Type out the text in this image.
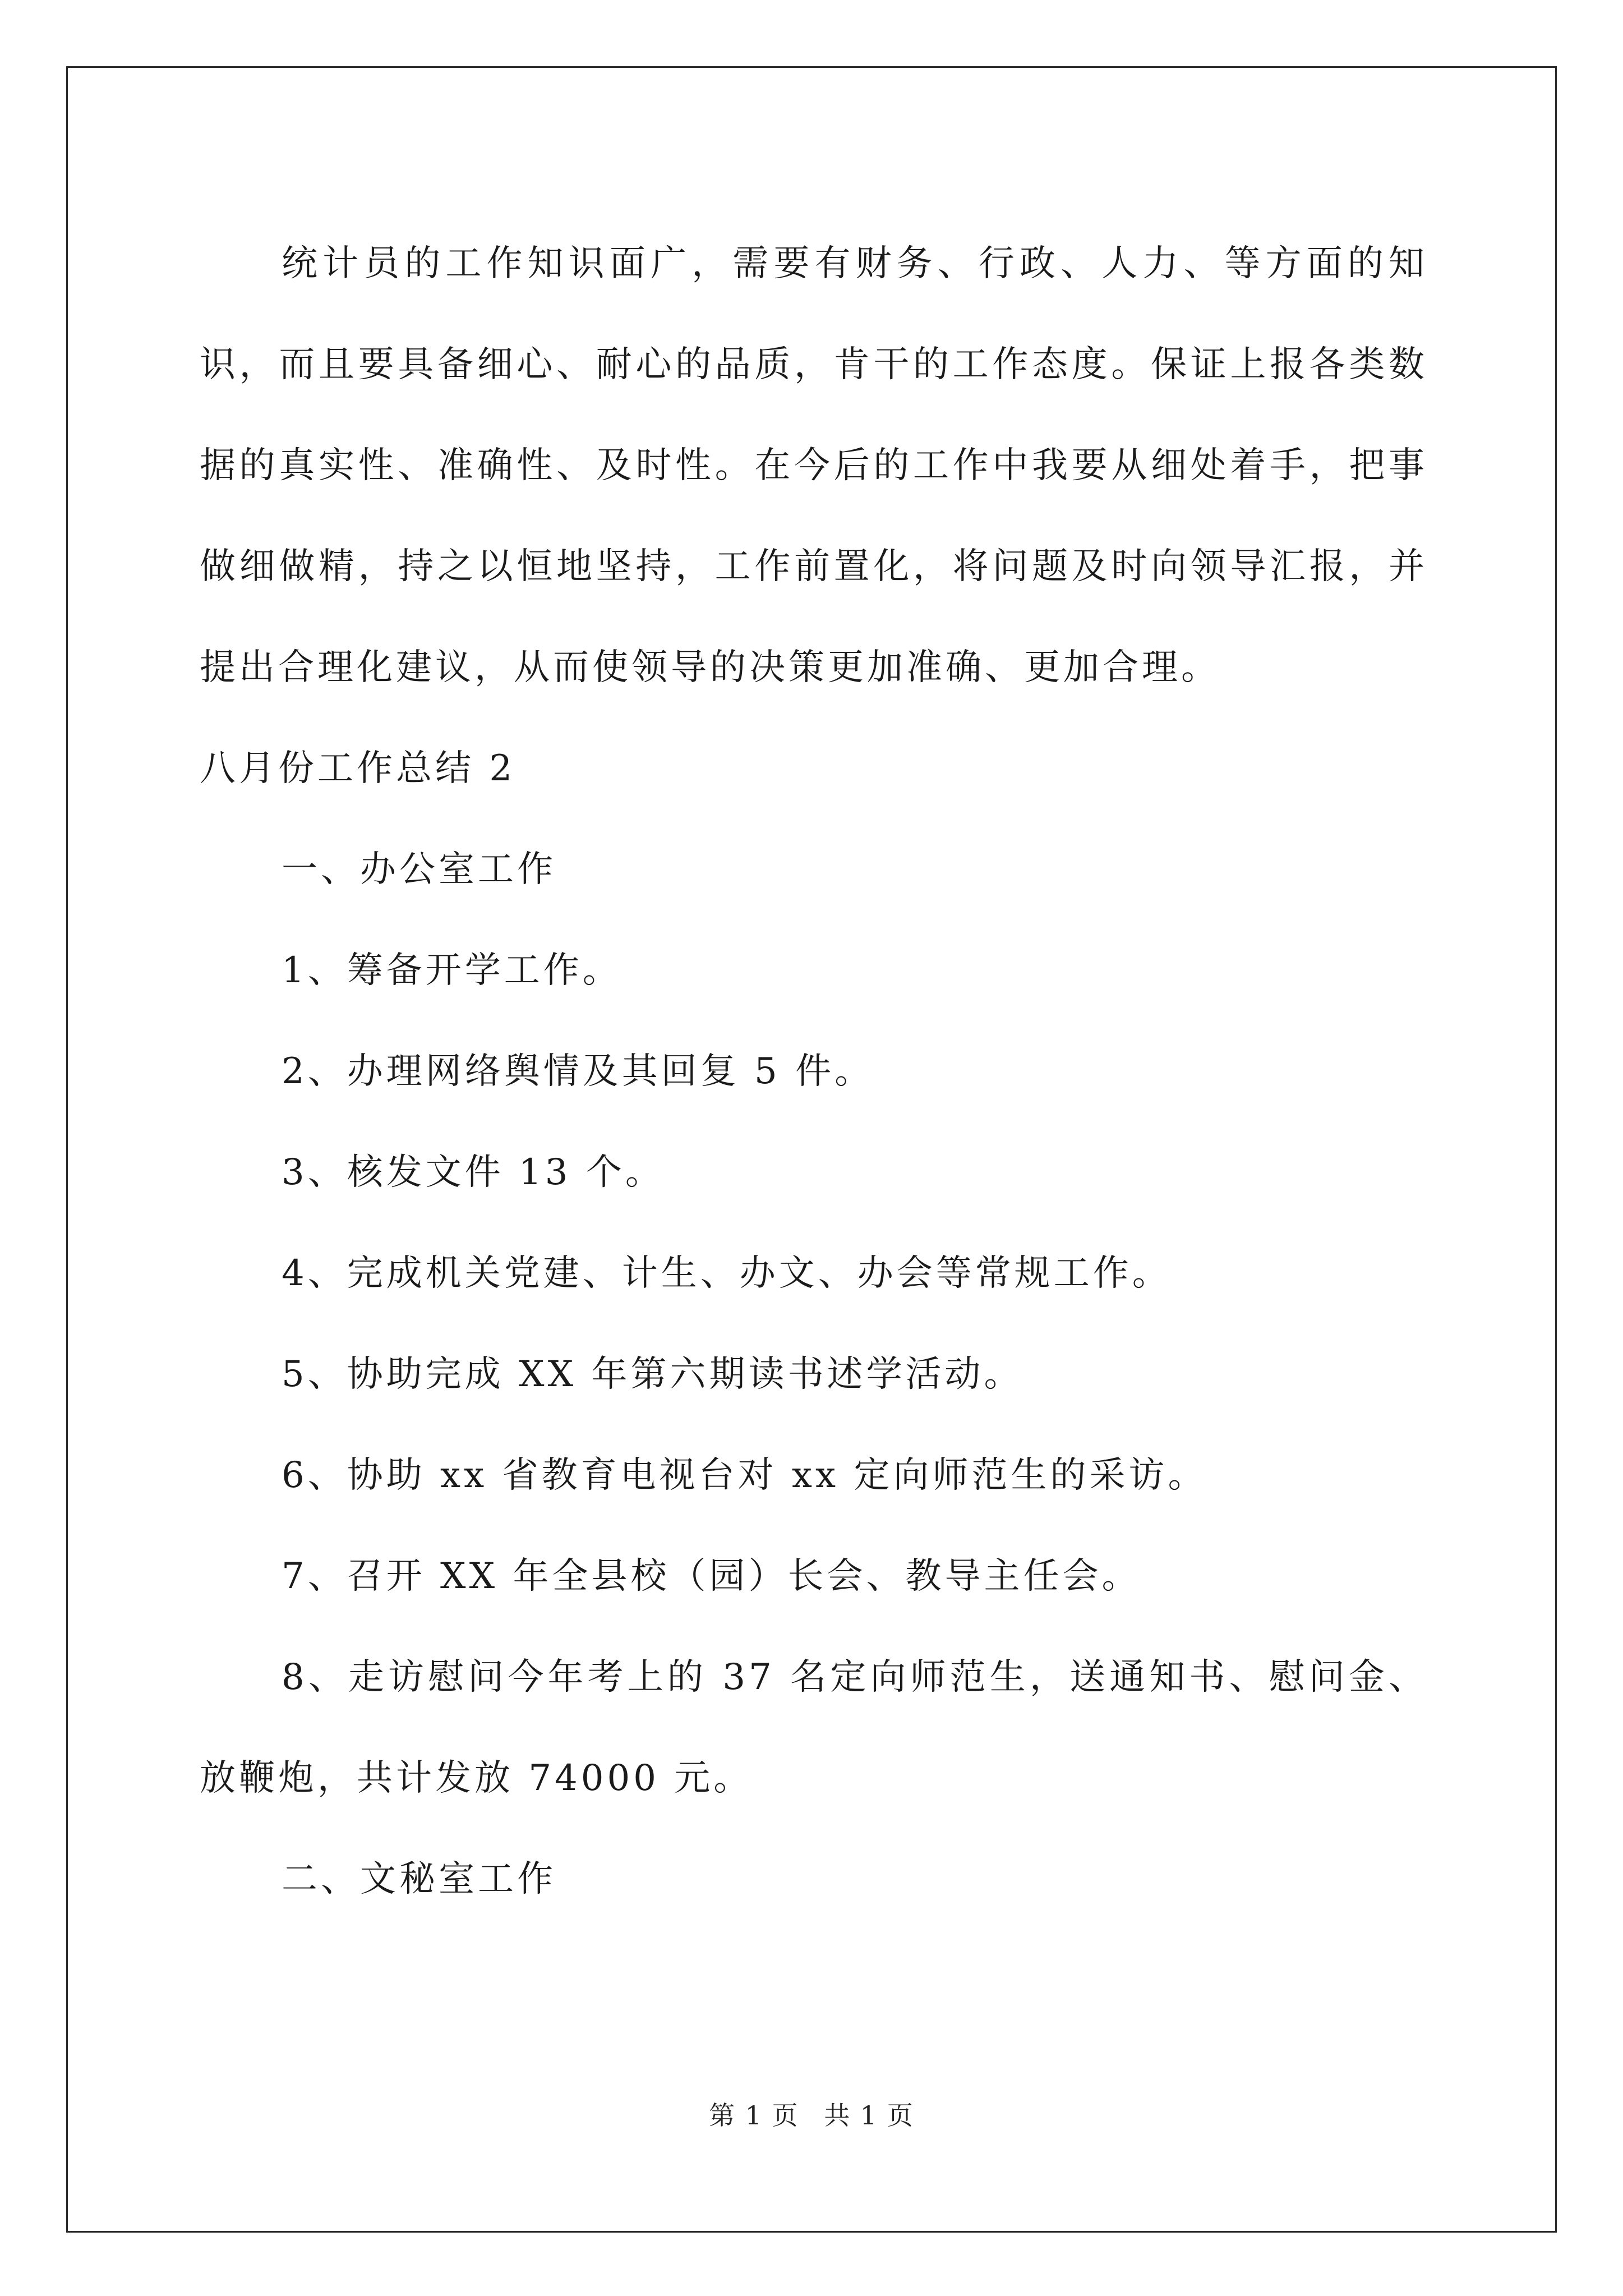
统计员的工作知识面广，需要有财务、行政、人力、等方面的知识，而且要具备细心、耐心的品质，肯干的工作态度。保证上报各类数据的真实性、准确性、及时性。在今后的工作中我要从细处着手，把事做细做精，持之以恒地坚持，工作前置化，将问题及时向领导汇报，并提出合理化建议，从而使领导的决策更加准确、更加合理。

八月份工作总结 2

一、办公室工作

1、筹备开学工作。

2、办理网络舆情及其回复 5 件。

3、核发文件 13 个。

4、完成机关党建、计生、办文、办会等常规工作。

5、协助完成 XX 年第六期读书述学活动。

6、协助 xx 省教育电视台对 xx 定向师范生的采访。

7、召开 XX 年全县校（园）长会、教导主任会。

8、走访慰问今年考上的 37 名定向师范生，送通知书、慰问金、放鞭炮，共计发放 74000 元。

二、文秘室工作

第 1 页 共 1 页
